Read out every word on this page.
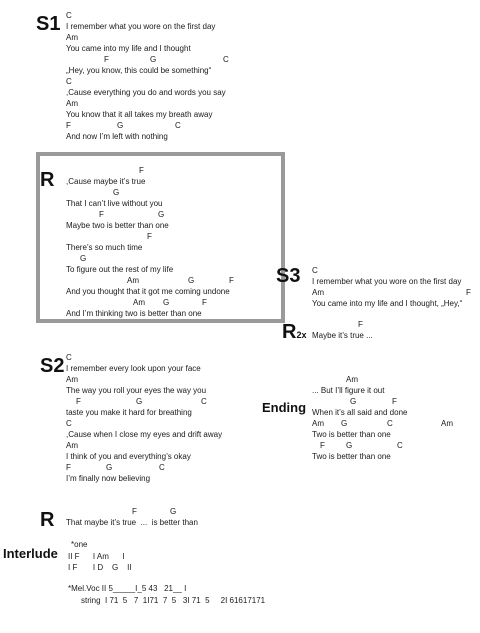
S1 C
I remember what you wore on the first day
Am
You came into my life and I thought
F	G	C
„Hey, you know, this could be something“
C
,Cause everything you do and words you say
Am
You know that it all takes my breath away
F	G	C
And now I’m left with nothing
R	F
,Cause maybe it’s true
G
That I can’t live without you
F	G
Maybe two is better than one
F
There’s so much time
G
To figure out the rest of my life
Am	G	F
And you thought that it got me coming undone
Am G	F
And I’m thinking two is better than one
S3 C
I remember what you wore on the first day
Am	F
You came into my life and I thought, „Hey,“
R2x
F
Maybe it’s true ...
S2 C
I remember every look upon your face
Am
The way you roll your eyes the way you
F	G	C
taste you make it hard for breathing
C
,Cause when I close my eyes and drift away
Am
I think of you and everything’s okay
F	G	C
I’m finally now believing
Ending
Am
... But I’ll figure it out
G	F
When it’s all said and done
Am G	C	Am
Two is better than one
F	G	C
Two is better than one
R	F	G
That maybe it’s true  ...  is better than
Interlude
*one
II F      I Am      I
I F       I D    G    II
*Mel.Voc II 5_____I_5 43   21__ I
string  I 71  5   7  1I71  7  5   3I 71  5     2I 61617171
